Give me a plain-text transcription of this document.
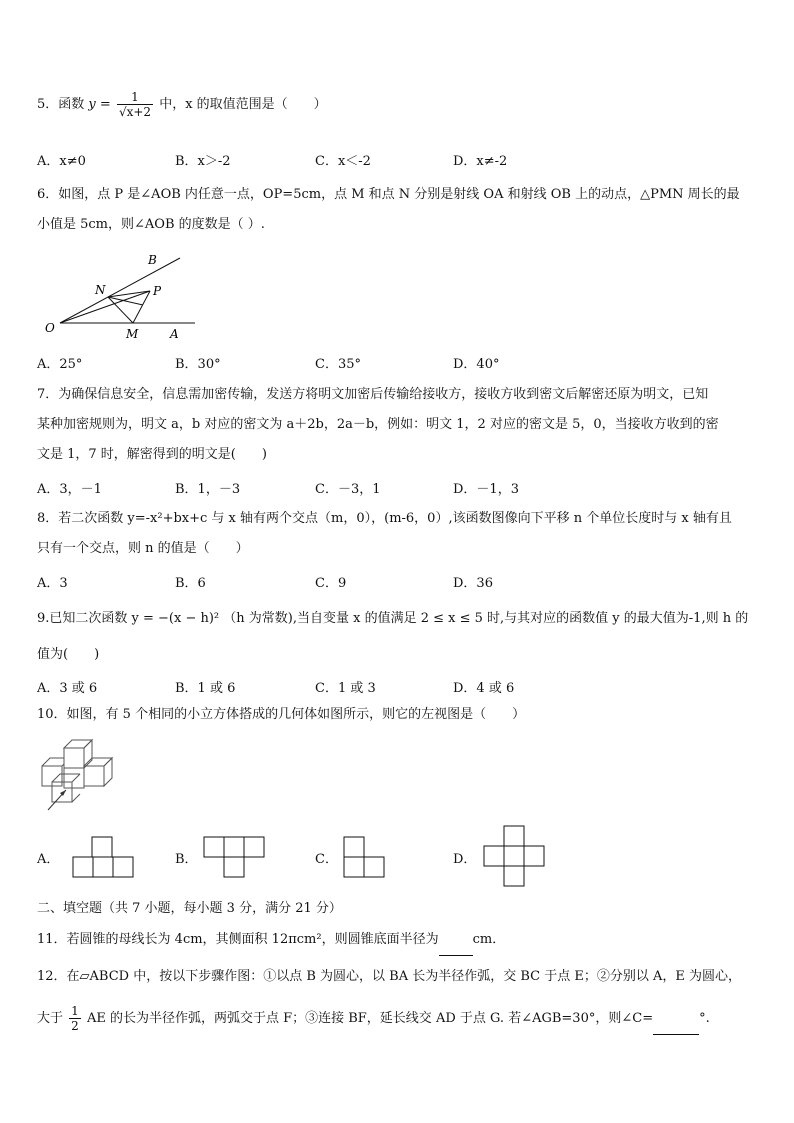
5．函数 $y = \frac{1}{√x+2}$ 中，x 的取值范围是（　　）
A．x≠0	B．x＞-2	C．x＜-2	D．x≠-2
6．如图，点 P 是∠AOB 内任意一点，OP=5cm，点 M 和点 N 分别是射线 OA 和射线 OB 上的动点，△PMN 周长的最
小值是 5cm，则∠AOB 的度数是（ ）.
B
N	P
O	M	A
A．25°	B．30°	C．35°	D．40°
7．为确保信息安全，信息需加密传输，发送方将明文加密后传输给接收方，接收方收到密文后解密还原为明文，已知
某种加密规则为，明文 a，b 对应的密文为 a＋2b，2a－b，例如：明文 1，2 对应的密文是 5，0，当接收方收到的密
文是 1，7 时，解密得到的明文是(　　)
A．3，－1	B．1，－3	C．－3，1	D．－1，3
8．若二次函数 y=-x²+bx+c 与 x 轴有两个交点（m，0），(m-6，0）,该函数图像向下平移 n 个单位长度时与 x 轴有且
只有一个交点，则 n 的值是（　　）
A．3	B．6	C．9	D．36
9.已知二次函数 y = −(x − h)² （h 为常数),当自变量 x 的值满足 2 ≤ x ≤ 5 时,与其对应的函数值 y 的最大值为-1,则 h 的
值为(　　)
A．3 或 6	B．1 或 6	C．1 或 3	D．4 或 6
10．如图，有 5 个相同的小立方体搭成的几何体如图所示，则它的左视图是（　　）
A．	B．	C．	D．
二、填空题（共 7 小题，每小题 3 分，满分 21 分）
11．若圆锥的母线长为 4cm，其侧面积 12πcm²，则圆锥底面半径为	cm．
12．在▱ABCD 中，按以下步骤作图：①以点 B 为圆心，以 BA 长为半径作弧，交 BC 于点 E；②分别以 A，E 为圆心，
大于 $\frac{1}{2}$ AE 的长为半径作弧，两弧交于点 F；③连接 BF，延长线交 AD 于点 G. 若∠AGB=30°，则∠C=	°.
